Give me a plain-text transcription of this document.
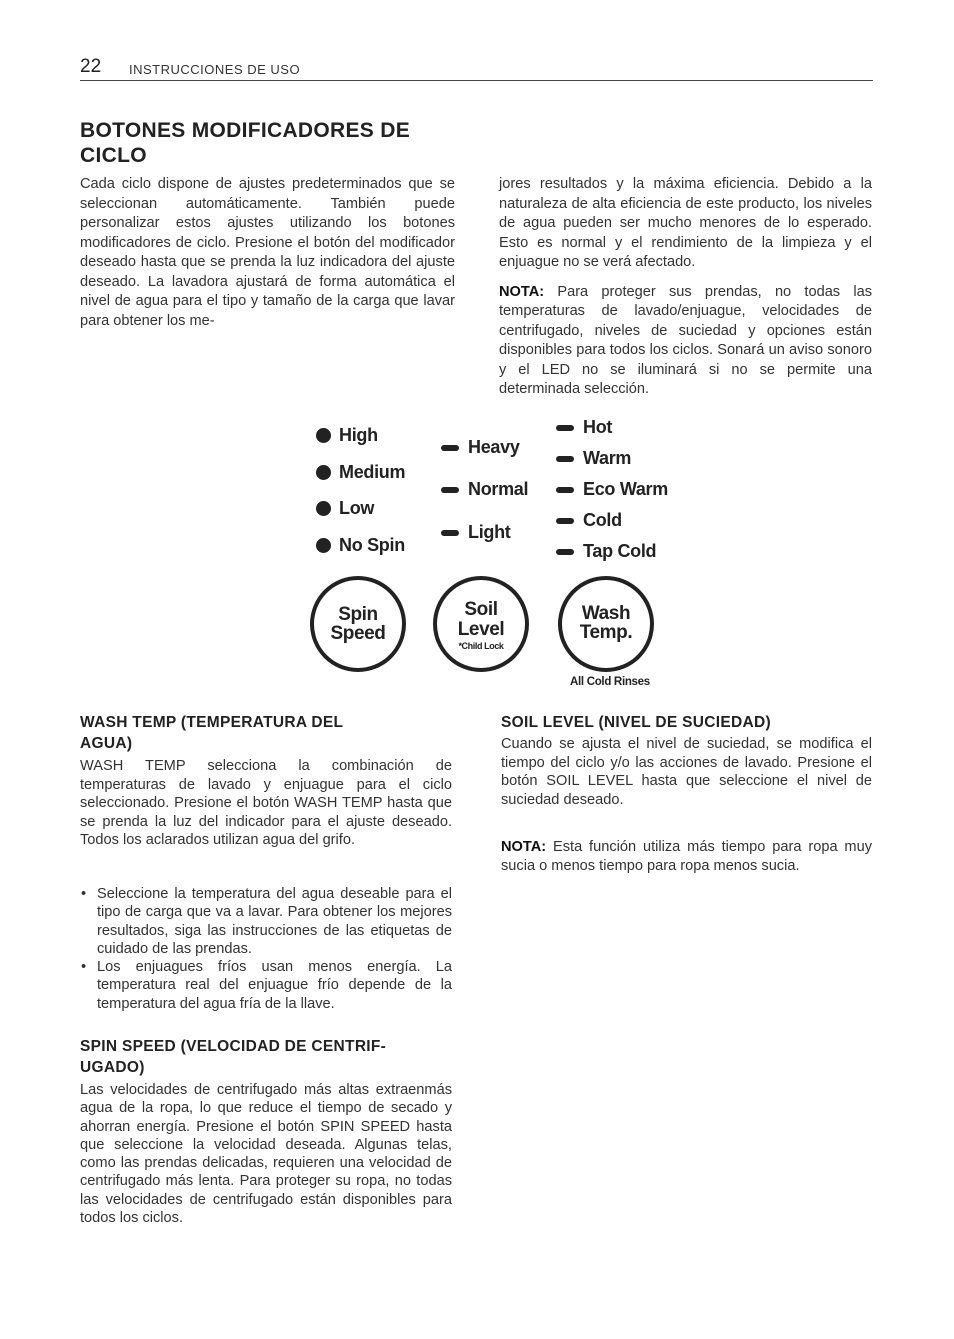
22 INSTRUCCIONES DE USO
BOTONES MODIFICADORES DE
CICLO

Cada ciclo dispone de ajustes predeterminados que se seleccionan automáticamente. También puede personalizar estos ajustes utilizando los botones modificadores de ciclo. Presione el botón del modificador deseado hasta que se prenda la luz indicadora del ajuste deseado. La lavadora ajustará de forma automática el nivel de agua para el tipo y tamaño de la carga que lavar para obtener los me-

jores resultados y la máxima eficiencia. Debido a la naturaleza de alta eficiencia de este producto, los niveles de agua pueden ser mucho menores de lo esperado. Esto es normal y el rendimiento de la limpieza y el enjuague no se verá afectado.

NOTA: Para proteger sus prendas, no todas las temperaturas de lavado/enjuague, velocidades de centrifugado, niveles de suciedad y opciones están disponibles para todos los ciclos. Sonará un aviso sonoro y el LED no se iluminará si no se permite una determinada selección.

High
Medium
Low
No Spin
Heavy
Normal
Light
Hot
Warm
Eco Warm
Cold
Tap Cold
Spin
Speed
Soil
Level
*Child Lock
Wash
Temp.
All Cold Rinses
WASH TEMP (TEMPERATURA DEL
AGUA)

WASH TEMP selecciona la combinación de temperaturas de lavado y enjuague para el ciclo seleccionado. Presione el botón WASH TEMP hasta que se prenda la luz del indicador para el ajuste deseado. Todos los aclarados utilizan agua del grifo.

• Seleccione la temperatura del agua deseable para el tipo de carga que va a lavar. Para obtener los mejores resultados, siga las instrucciones de las etiquetas de cuidado de las prendas.
• Los enjuagues fríos usan menos energía. La temperatura real del enjuague frío depende de la temperatura del agua fría de la llave.
SPIN SPEED (VELOCIDAD DE CENTRIF-
UGADO)

Las velocidades de centrifugado más altas extraenmás agua de la ropa, lo que reduce el tiempo de secado y ahorran energía. Presione el botón SPIN SPEED hasta que seleccione la velocidad deseada. Algunas telas, como las prendas delicadas, requieren una velocidad de centrifugado más lenta. Para proteger su ropa, no todas las velocidades de centrifugado están disponibles para todos los ciclos.

SOIL LEVEL (NIVEL DE SUCIEDAD)

Cuando se ajusta el nivel de suciedad, se modifica el tiempo del ciclo y/o las acciones de lavado. Presione el botón SOIL LEVEL hasta que seleccione el nivel de suciedad deseado.

NOTA: Esta función utiliza más tiempo para ropa muy sucia o menos tiempo para ropa menos sucia.
